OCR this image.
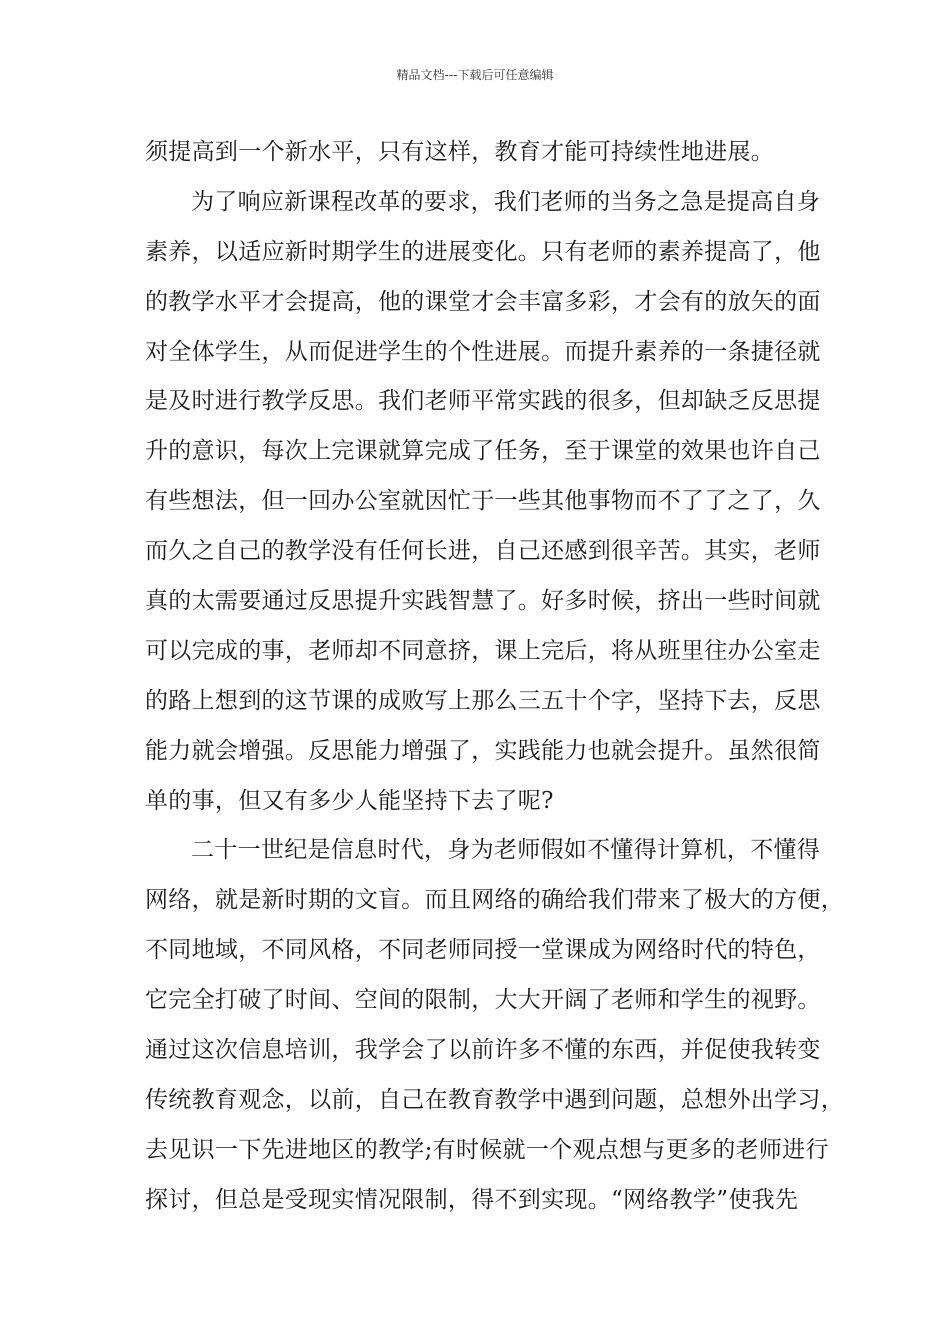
精品文档---下载后可任意编辑
须提高到一个新水平，只有这样，教育才能可持续性地进展。
为了响应新课程改革的要求，我们老师的当务之急是提高自身
素养，以适应新时期学生的进展变化。只有老师的素养提高了，他
的教学水平才会提高，他的课堂才会丰富多彩，才会有的放矢的面
对全体学生，从而促进学生的个性进展。而提升素养的一条捷径就
是及时进行教学反思。我们老师平常实践的很多，但却缺乏反思提
升的意识，每次上完课就算完成了任务，至于课堂的效果也许自己
有些想法，但一回办公室就因忙于一些其他事物而不了了之了，久
而久之自己的教学没有任何长进，自己还感到很辛苦。其实，老师
真的太需要通过反思提升实践智慧了。好多时候，挤出一些时间就
可以完成的事，老师却不同意挤，课上完后，将从班里往办公室走
的路上想到的这节课的成败写上那么三五十个字，坚持下去，反思
能力就会增强。反思能力增强了，实践能力也就会提升。虽然很简
单的事，但又有多少人能坚持下去了呢?
二十一世纪是信息时代，身为老师假如不懂得计算机，不懂得
网络，就是新时期的文盲。而且网络的确给我们带来了极大的方便，
不同地域，不同风格，不同老师同授一堂课成为网络时代的特色，
它完全打破了时间、空间的限制，大大开阔了老师和学生的视野。
通过这次信息培训，我学会了以前许多不懂的东西，并促使我转变
传统教育观念，以前，自己在教育教学中遇到问题，总想外出学习，
去见识一下先进地区的教学;有时候就一个观点想与更多的老师进行
探讨，但总是受现实情况限制，得不到实现。“网络教学”使我先
